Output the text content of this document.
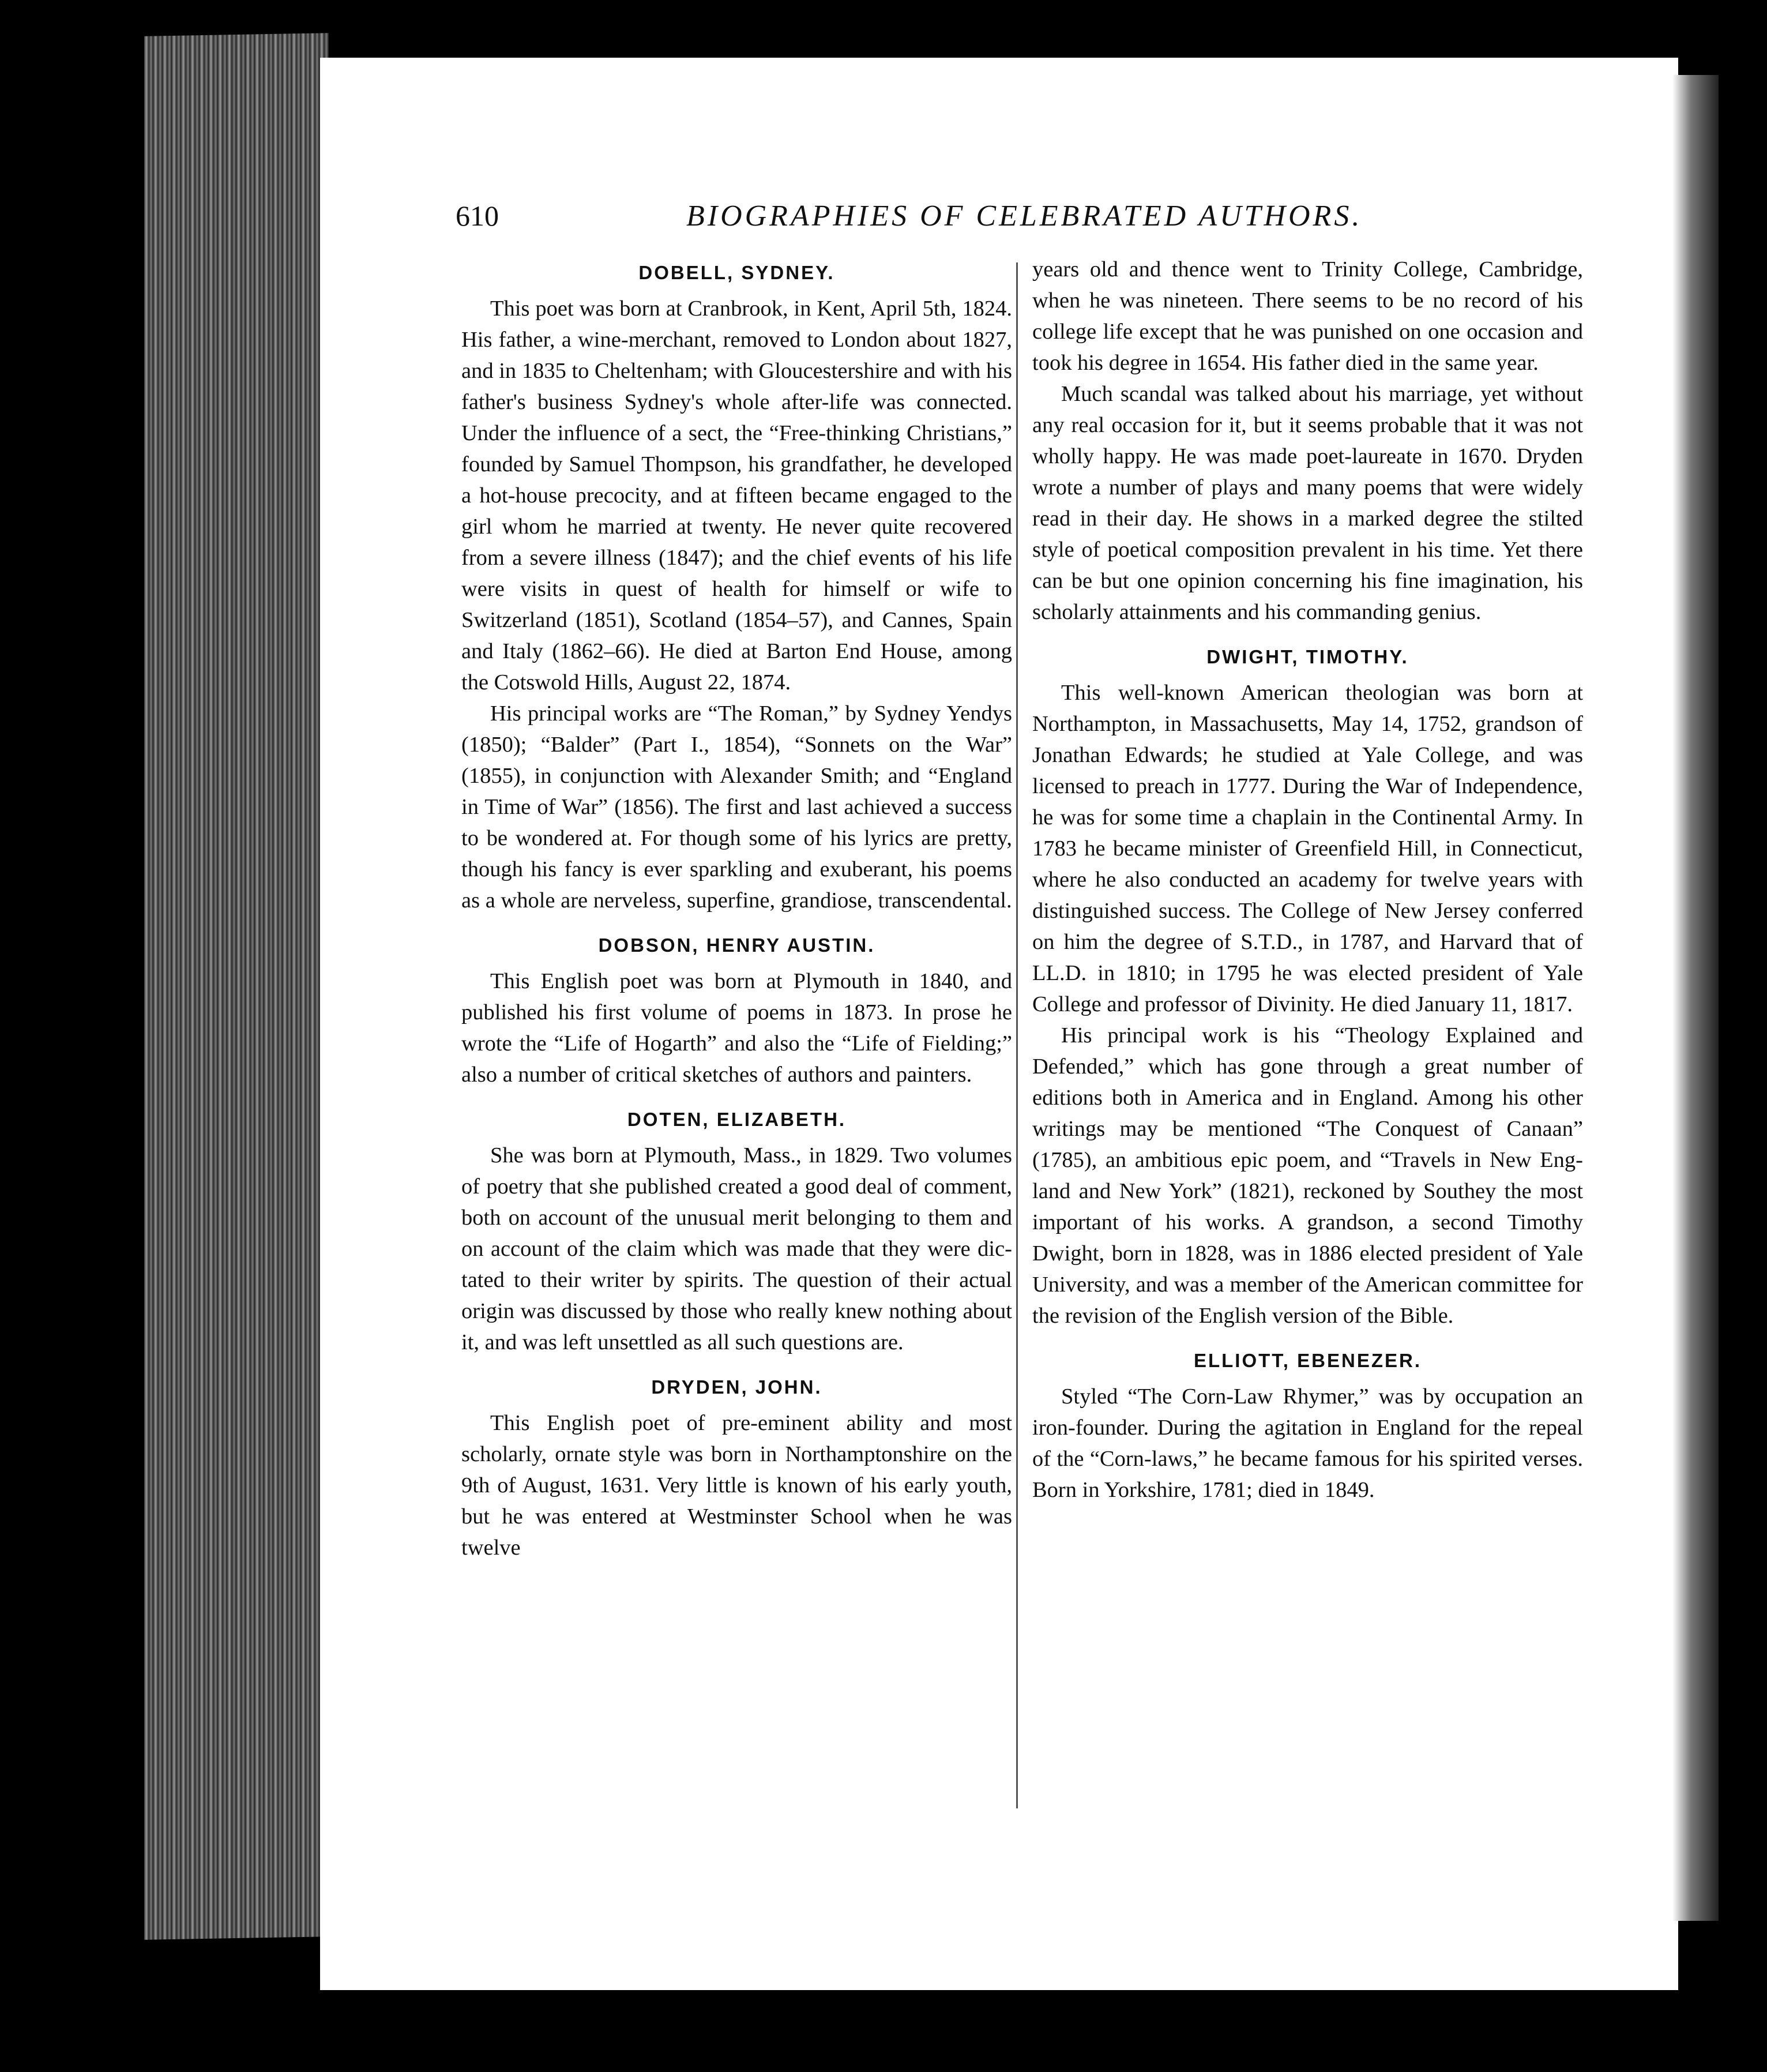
610	BIOGRAPHIES OF CELEBRATED AUTHORS.
DOBELL, SYDNEY.

This poet was born at Cranbrook, in Kent, April 5th, 1824. His father, a wine-merchant, removed to London about 1827, and in 1835 to Cheltenham; with Gloucestershire and with his father's business Sydney's whole after-life was connected. Under the influence of a sect, the “Free-thinking Christians,” founded by Samuel Thompson, his grandfather, he developed a hot-house precocity, and at fifteen became engaged to the girl whom he married at twenty. He never quite recovered from a severe illness (1847); and the chief events of his life were visits in quest of health for himself or wife to Switzerland (1851), Scotland (1854–57), and Cannes, Spain and Italy (1862–66). He died at Barton End House, among the Cotswold Hills, August 22, 1874.

His principal works are “The Roman,” by Sydney Yendys (1850); “Balder” (Part I., 1854), “Sonnets on the War” (1855), in conjunction with Alexander Smith; and “England in Time of War” (1856). The first and last achieved a success to be wondered at. For though some of his lyrics are pretty, though his fancy is ever sparkling and exuberant, his poems as a whole are nerveless, superfine, grandiose, transcendental.

DOBSON, HENRY AUSTIN.

This English poet was born at Plymouth in 1840, and published his first volume of poems in 1873. In prose he wrote the “Life of Hogarth” and also the “Life of Fielding;” also a number of critical sketches of authors and painters.

DOTEN, ELIZABETH.

She was born at Plymouth, Mass., in 1829. Two volumes of poetry that she published created a good deal of comment, both on account of the unusual merit belonging to them and on account of the claim which was made that they were dictated to their writer by spirits. The question of their actual origin was discussed by those who really knew nothing about it, and was left unsettled as all such questions are.

DRYDEN, JOHN.

This English poet of pre-eminent ability and most scholarly, ornate style was born in Northamptonshire on the 9th of August, 1631. Very little is known of his early youth, but he was entered at Westminster School when he was twelve

years old and thence went to Trinity College, Cambridge, when he was nineteen. There seems to be no record of his college life except that he was punished on one occasion and took his degree in 1654. His father died in the same year.

Much scandal was talked about his marriage, yet without any real occasion for it, but it seems probable that it was not wholly happy. He was made poet-laureate in 1670. Dryden wrote a number of plays and many poems that were widely read in their day. He shows in a marked degree the stilted style of poetical composition prevalent in his time. Yet there can be but one opinion concerning his fine imagination, his scholarly attainments and his commanding genius.

DWIGHT, TIMOTHY.

This well-known American theologian was born at Northampton, in Massachusetts, May 14, 1752, grandson of Jonathan Edwards; he studied at Yale College, and was licensed to preach in 1777. During the War of Independence, he was for some time a chaplain in the Continental Army. In 1783 he became minister of Greenfield Hill, in Connecticut, where he also conducted an academy for twelve years with distinguished success. The College of New Jersey conferred on him the degree of S.T.D., in 1787, and Harvard that of LL.D. in 1810; in 1795 he was elected president of Yale College and professor of Divinity. He died January 11, 1817.

His principal work is his “Theology Explained and Defended,” which has gone through a great number of editions both in America and in England. Among his other writings may be mentioned “The Conquest of Canaan” (1785), an ambitious epic poem, and “Travels in New England and New York” (1821), reckoned by Southey the most important of his works. A grandson, a second Timothy Dwight, born in 1828, was in 1886 elected president of Yale University, and was a member of the American committee for the revision of the English version of the Bible.

ELLIOTT, EBENEZER.

Styled “The Corn-Law Rhymer,” was by occupation an iron-founder. During the agitation in England for the repeal of the “Corn-laws,” he became famous for his spirited verses. Born in Yorkshire, 1781; died in 1849.
